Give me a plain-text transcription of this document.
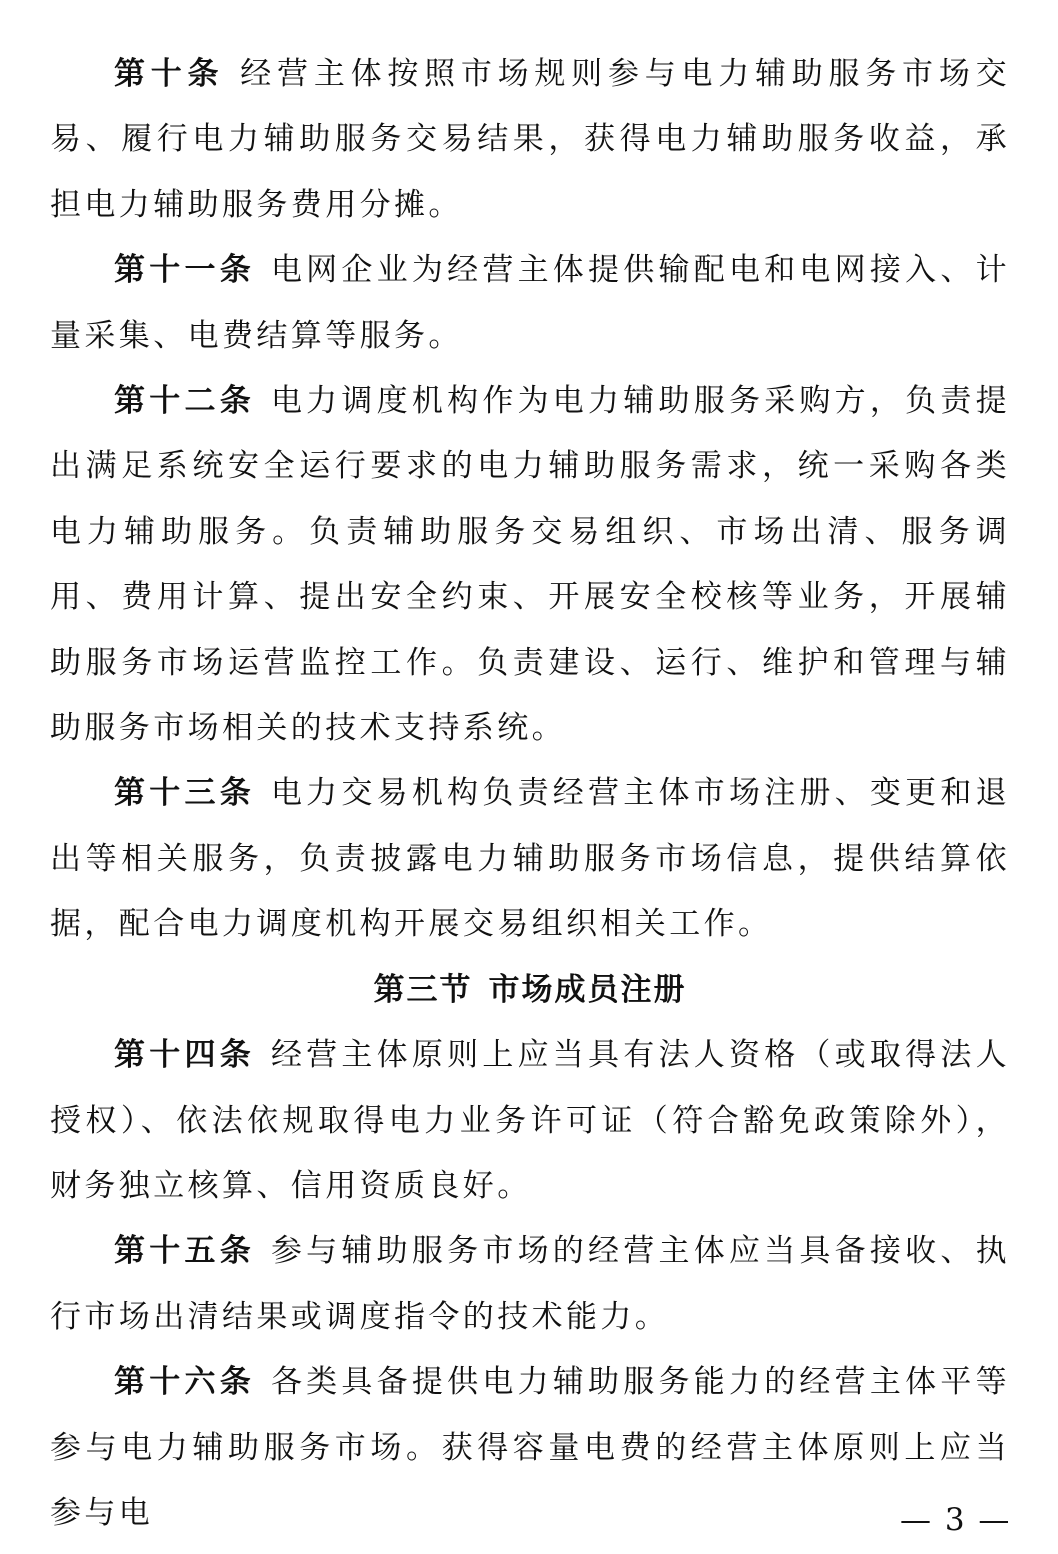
第十条 经营主体按照市场规则参与电力辅助服务市场交易、履行电力辅助服务交易结果，获得电力辅助服务收益，承担电力辅助服务费用分摊。

第十一条 电网企业为经营主体提供输配电和电网接入、计量采集、电费结算等服务。

第十二条 电力调度机构作为电力辅助服务采购方，负责提出满足系统安全运行要求的电力辅助服务需求，统一采购各类电力辅助服务。负责辅助服务交易组织、市场出清、服务调用、费用计算、提出安全约束、开展安全校核等业务，开展辅助服务市场运营监控工作。负责建设、运行、维护和管理与辅助服务市场相关的技术支持系统。

第十三条 电力交易机构负责经营主体市场注册、变更和退出等相关服务，负责披露电力辅助服务市场信息，提供结算依据，配合电力调度机构开展交易组织相关工作。

第三节 市场成员注册

第十四条 经营主体原则上应当具有法人资格（或取得法人授权）、依法依规取得电力业务许可证（符合豁免政策除外），财务独立核算、信用资质良好。

第十五条 参与辅助服务市场的经营主体应当具备接收、执行市场出清结果或调度指令的技术能力。

第十六条 各类具备提供电力辅助服务能力的经营主体平等参与电力辅助服务市场。获得容量电费的经营主体原则上应当参与电	— 3 —
